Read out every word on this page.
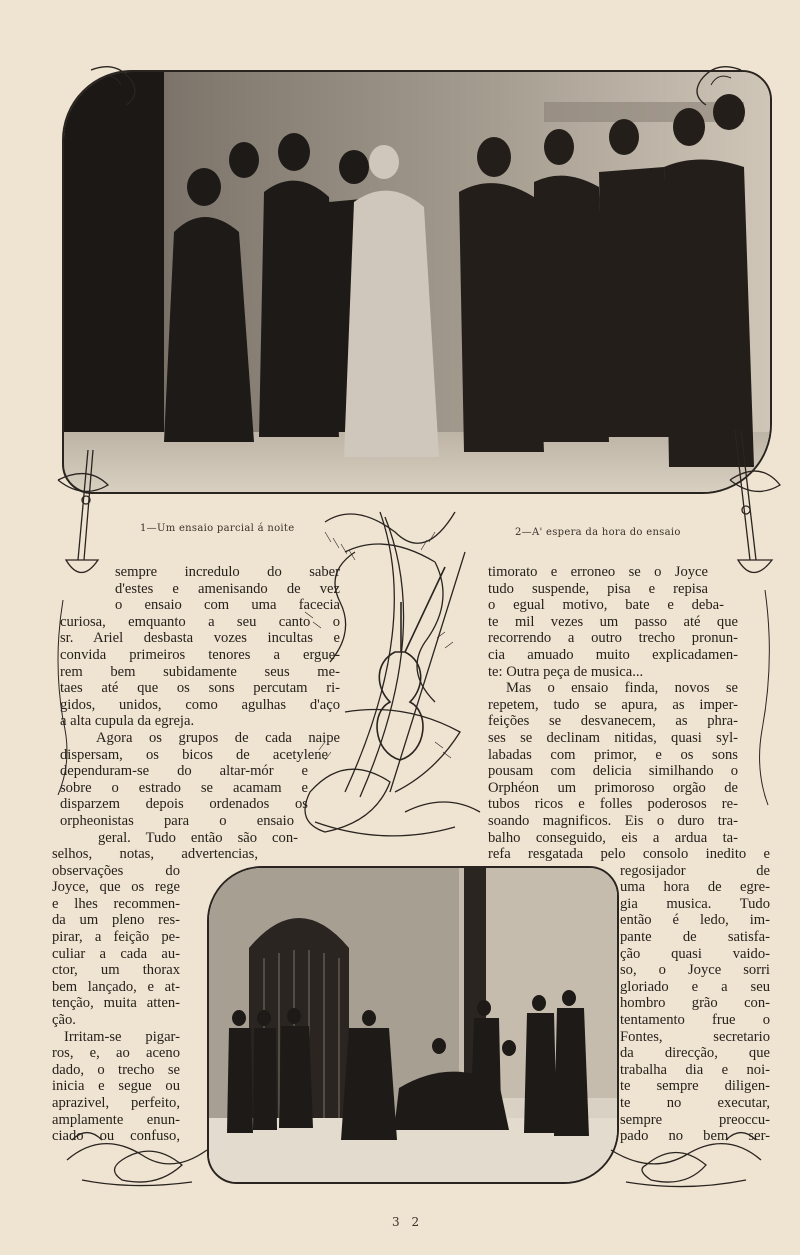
1—Um ensaio parcial á noite	2—A' espera da hora do ensaio
sempre incredulo do saber
d'estes e amenisando de vez
o ensaio com uma facecia
curiosa, emquanto a seu canto o
sr. Ariel desbasta vozes incultas e
convida primeiros tenores a erguе-
rem bem subidamente seus me-
tаes até que os sons percutam ri-
gidos, unidos, como agulhas d'aço
a alta cupula da egreja.
Agora os grupos de cada naipe
dispersam, os bicos de acetylene
dependuram-se do altar-mór e
sobre o estrado se acamam e
disparzem depois ordenados os
orpheonistas para o ensaio
geral. Tudo então são con-
selhos, notas, advertencias,
observações do
Joyce, que os rege
e lhes recommen-
da um pleno res-
pirar, a feição pe-
culiar a cada au-
ctor, um thorax
bem lançado, e at-
tenção, muita atten-
ção.
Irritam-se pigar-
ros, e, ao aceno
dado, o trecho se
inicia e segue ou
aprazivel, perfeito,
amplamente enun-
ciado ou confuso,
timorato e erroneo se o Joyce
tudo suspende, pisa e repisa
o egual motivo, bate e deba-
te mil vezes um passo até que
recorrendo a outro trecho pronun-
cia amuado muito explicadamen-
te: Outra peça de musica...
Mas o ensaio finda, novos se
repetem, tudo se apura, as imper-
feições se desvanecem, as phra-
ses se declinam nitidas, quasi syl-
labadas com primor, e os sons
pousam com delicia similhando o
Orphéon um primoroso orgão de
tubos ricos e folles poderosos re-
soando magnificos. Eis o duro tra-
balho conseguido, eis a ardua ta-
refa resgatada pelo consolo inedito e
regosijador de
uma hora de egre-
gia musica. Tudo
então é ledo, im-
pante de satisfa-
ção quasi vaido-
so, o Joyce sorri
gloriado e a seu
hombro grão con-
tentamento frue o
Fontes, secretario
da direcção, que
trabalha dia e noi-
te sempre diligen-
te no executar,
sempre preoccu-
pado no bem ser-
3 2
